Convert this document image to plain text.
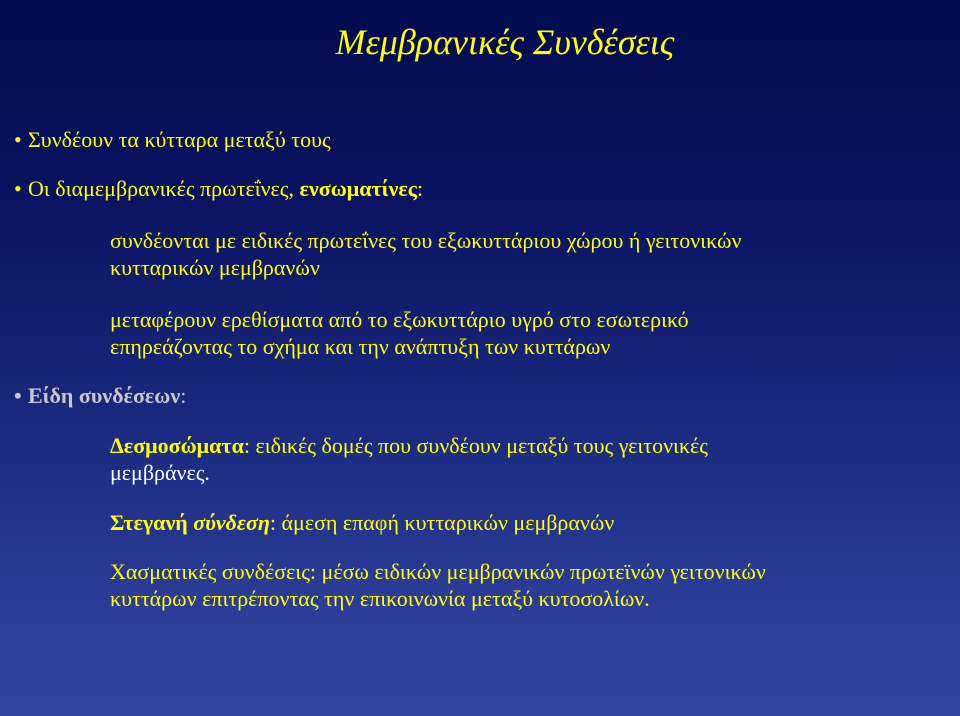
Μεμβρανικές Συνδέσεις
• Συνδέουν τα κύτταρα μεταξύ τους
• Οι διαμεμβρανικές πρωτεΐνες, ενσωματίνες:
συνδέονται με ειδικές πρωτεΐνες του εξωκυττάριου χώρου ή γειτονικών
κυτταρικών μεμβρανών
μεταφέρουν ερεθίσματα από το εξωκυττάριο υγρό στο εσωτερικό
επηρεάζοντας το σχήμα και την ανάπτυξη των κυττάρων
• Είδη συνδέσεων:
Δεσμοσώματα: ειδικές δομές που συνδέουν μεταξύ τους γειτονικές
μεμβράνες.
Στεγανή σύνδεση: άμεση επαφή κυτταρικών μεμβρανών
Χασματικές συνδέσεις: μέσω ειδικών μεμβρανικών πρωτεϊνών γειτονικών
κυττάρων επιτρέποντας την επικοινωνία μεταξύ κυτοσολίων.
